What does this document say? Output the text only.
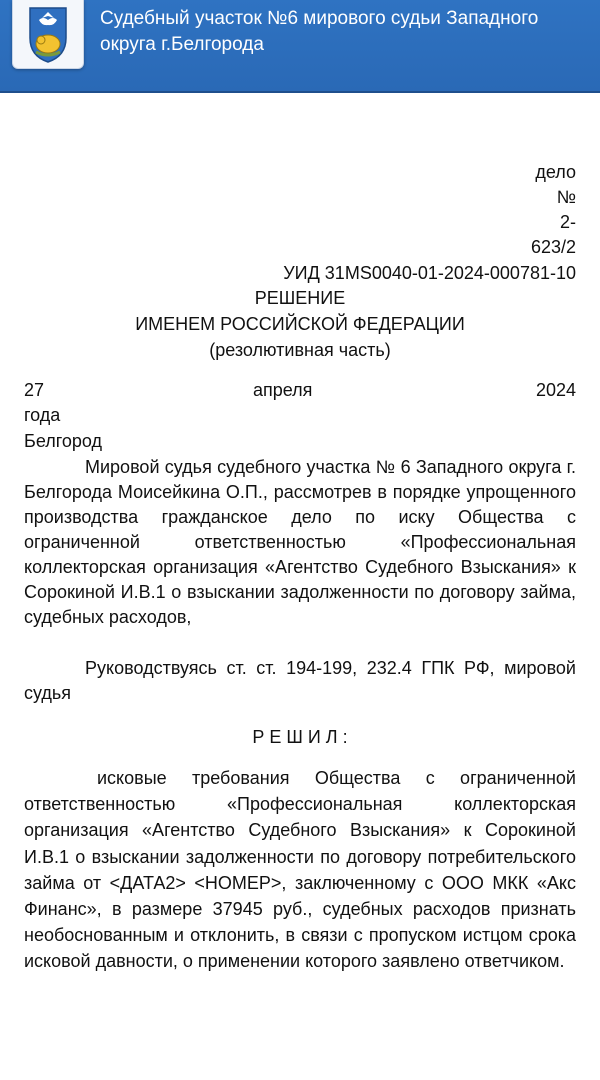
Судебный участок №6 мирового судьи Западного округа г.Белгорода
дело
№
2-
623/2
УИД 31MS0040-01-2024-000781-10
РЕШЕНИЕ
ИМЕНЕМ РОССИЙСКОЙ ФЕДЕРАЦИИ
(резолютивная часть)
27	апреля	2024
года
Белгород
Мировой судья судебного участка № 6 Западного округа г. Белгорода Моисейкина О.П., рассмотрев в порядке упрощенного производства гражданское дело по иску Общества с ограниченной ответственностью «Профессиональная коллекторская организация «Агентство Судебного Взыскания» к Сорокиной И.В.1 о взыскании задолженности по договору займа, судебных расходов,
Руководствуясь ст. ст. 194-199, 232.4 ГПК РФ, мировой судья
Р Е Ш И Л :
исковые требования Общества с ограниченной ответственностью «Профессиональная коллекторская организация «Агентство Судебного Взыскания» к Сорокиной И.В.1 о взыскании задолженности по договору потребительского займа от <ДАТА2> <НОМЕР>, заключенному с ООО МКК «Акс Финанс», в размере 37945 руб., судебных расходов признать необоснованным и отклонить, в связи с пропуском истцом срока исковой давности, о применении которого заявлено ответчиком.
